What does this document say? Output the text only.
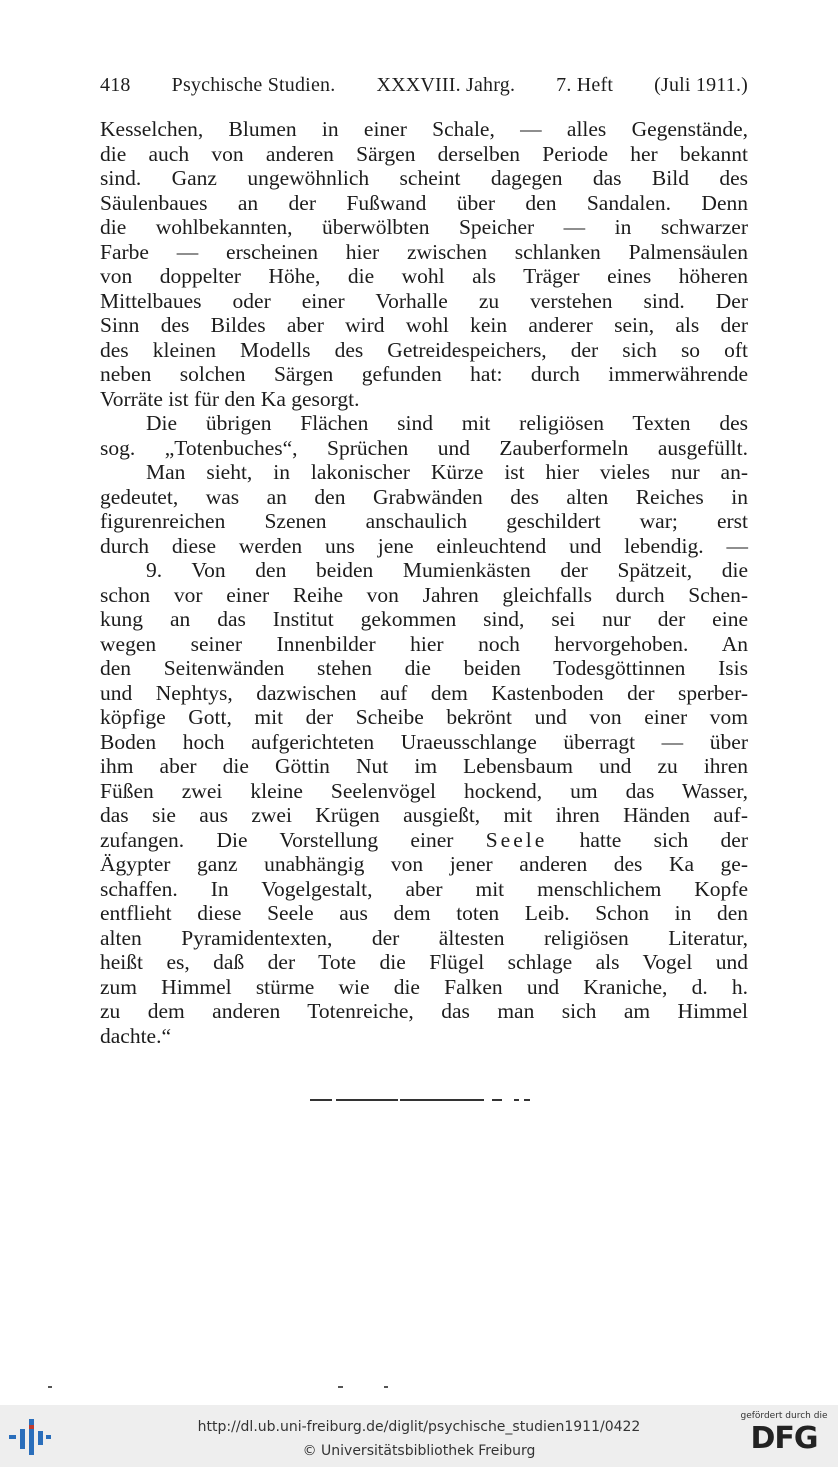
418 Psychische Studien. XXXVIII. Jahrg. 7. Heft (Juli 1911.)
Kesselchen, Blumen in einer Schale, — alles Gegenstände,
die auch von anderen Särgen derselben Periode her bekannt
sind. Ganz ungewöhnlich scheint dagegen das Bild des
Säulenbaues an der Fußwand über den Sandalen. Denn
die wohlbekannten, überwölbten Speicher — in schwarzer
Farbe — erscheinen hier zwischen schlanken Palmensäulen
von doppelter Höhe, die wohl als Träger eines höheren
Mittelbaues oder einer Vorhalle zu verstehen sind. Der
Sinn des Bildes aber wird wohl kein anderer sein, als der
des kleinen Modells des Getreidespeichers, der sich so oft
neben solchen Särgen gefunden hat: durch immerwährende
Vorräte ist für den Ka gesorgt.
Die übrigen Flächen sind mit religiösen Texten des
sog. „Totenbuches“, Sprüchen und Zauberformeln ausgefüllt.
Man sieht, in lakonischer Kürze ist hier vieles nur an-
gedeutet, was an den Grabwänden des alten Reiches in
figurenreichen Szenen anschaulich geschildert war; erst
durch diese werden uns jene einleuchtend und lebendig. —
9. Von den beiden Mumienkästen der Spätzeit, die
schon vor einer Reihe von Jahren gleichfalls durch Schen-
kung an das Institut gekommen sind, sei nur der eine
wegen seiner Innenbilder hier noch hervorgehoben. An
den Seitenwänden stehen die beiden Todesgöttinnen Isis
und Nephtys, dazwischen auf dem Kastenboden der sperber-
köpfige Gott, mit der Scheibe bekrönt und von einer vom
Boden hoch aufgerichteten Uraeusschlange überragt — über
ihm aber die Göttin Nut im Lebensbaum und zu ihren
Füßen zwei kleine Seelenvögel hockend, um das Wasser,
das sie aus zwei Krügen ausgießt, mit ihren Händen auf-
zufangen. Die Vorstellung einer Seele hatte sich der
Ägypter ganz unabhängig von jener anderen des Ka ge-
schaffen. In Vogelgestalt, aber mit menschlichem Kopfe
entflieht diese Seele aus dem toten Leib. Schon in den
alten Pyramidentexten, der ältesten religiösen Literatur,
heißt es, daß der Tote die Flügel schlage als Vogel und
zum Himmel stürme wie die Falken und Kraniche, d. h.
zu dem anderen Totenreiche, das man sich am Himmel
dachte.“
http://dl.ub.uni-freiburg.de/diglit/psychische_studien1911/0422
© Universitätsbibliothek Freiburg
gefördert durch die
DFG
